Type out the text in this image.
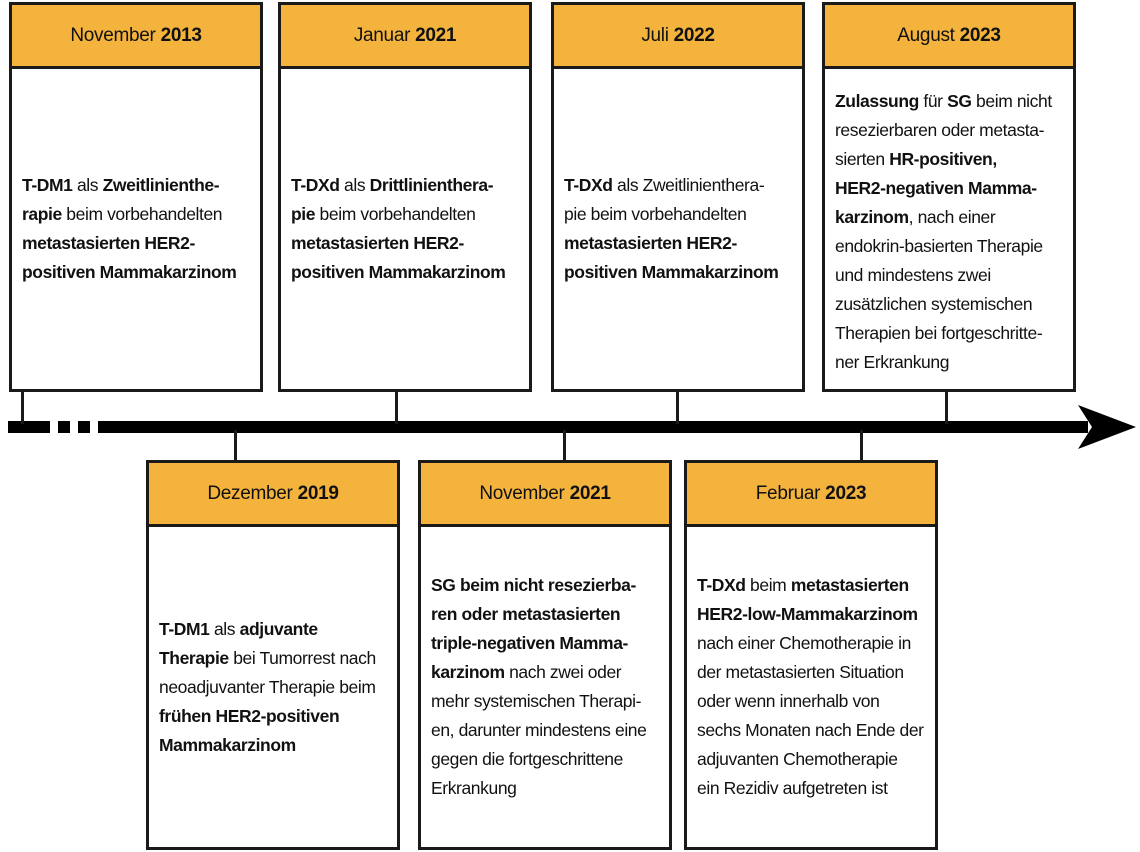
November
2013
T-DM1 als Zweitlinienthe-
rapie beim vorbehandelten
metastasierten HER2-
positiven Mammakarzinom
Januar
2021
T-DXd als Drittlinienthera-
pie beim vorbehandelten
metastasierten HER2-
positiven Mammakarzinom
Juli
2022
T-DXd als Zweitlinienthera-
pie beim vorbehandelten
metastasierten HER2-
positiven Mammakarzinom
August
2023
Zulassung für SG beim nicht
resezierbaren oder metasta-
sierten HR-positiven,
HER2-negativen Mamma-
karzinom, nach einer
endokrin-basierten Therapie
und mindestens zwei
zusätzlichen systemischen
Therapien bei fortgeschritte-
ner Erkrankung
Dezember
2019
T-DM1 als adjuvante
Therapie bei Tumorrest nach
neoadjuvanter Therapie beim
frühen HER2-positiven
Mammakarzinom
November
2021
SG beim nicht resezierba-
ren oder metastasierten
triple-negativen Mamma-
karzinom nach zwei oder
mehr systemischen Therapi-
en, darunter mindestens eine
gegen die fortgeschrittene
Erkrankung
Februar
2023
T-DXd beim metastasierten
HER2-low-Mammakarzinom
nach einer Chemotherapie in
der metastasierten Situation
oder wenn innerhalb von
sechs Monaten nach Ende der
adjuvanten Chemotherapie
ein Rezidiv aufgetreten ist
